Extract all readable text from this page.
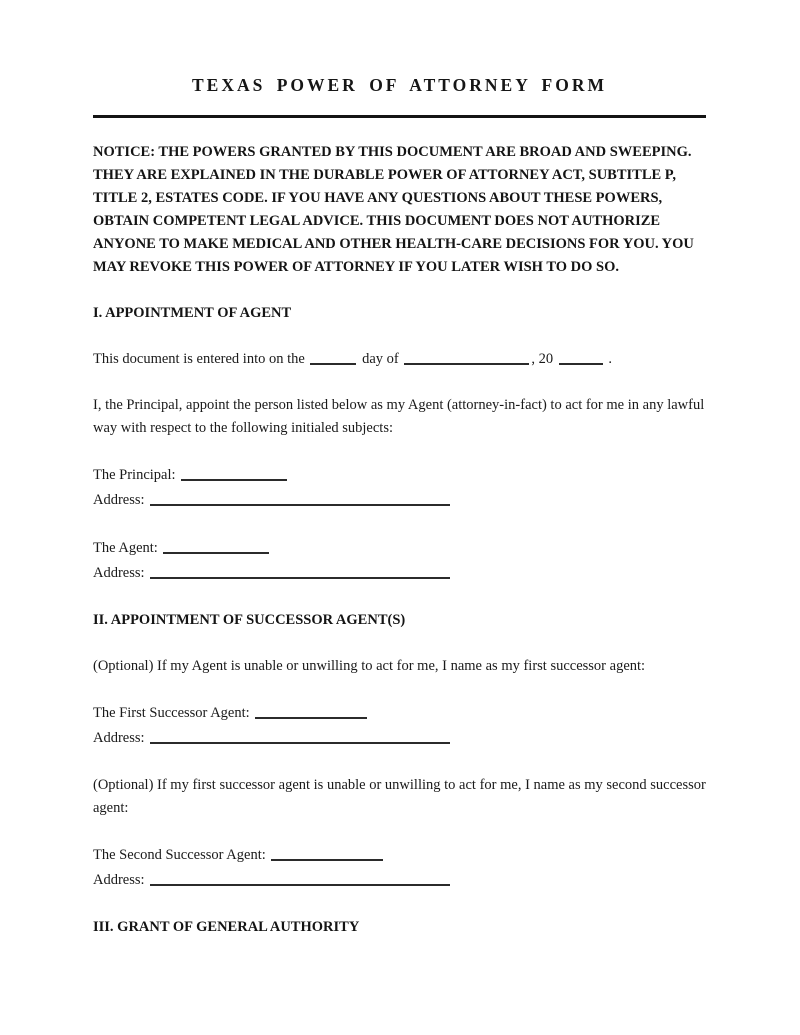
TEXAS POWER OF ATTORNEY FORM

NOTICE: THE POWERS GRANTED BY THIS DOCUMENT ARE BROAD AND SWEEPING. THEY ARE EXPLAINED IN THE DURABLE POWER OF ATTORNEY ACT, SUBTITLE P, TITLE 2, ESTATES CODE. IF YOU HAVE ANY QUESTIONS ABOUT THESE POWERS, OBTAIN COMPETENT LEGAL ADVICE. THIS DOCUMENT DOES NOT AUTHORIZE ANYONE TO MAKE MEDICAL AND OTHER HEALTH-CARE DECISIONS FOR YOU. YOU MAY REVOKE THIS POWER OF ATTORNEY IF YOU LATER WISH TO DO SO.

I. APPOINTMENT OF AGENT

This document is entered into on the	day of	, 20	.

I, the Principal, appoint the person listed below as my Agent (attorney-in-fact) to act for me in any lawful way with respect to the following initialed subjects:

The Principal:
Address:
The Agent:
Address:
II. APPOINTMENT OF SUCCESSOR AGENT(S)

(Optional) If my Agent is unable or unwilling to act for me, I name as my first successor agent:

The First Successor Agent:
Address:

(Optional) If my first successor agent is unable or unwilling to act for me, I name as my second successor agent:

The Second Successor Agent:
Address:
III. GRANT OF GENERAL AUTHORITY
